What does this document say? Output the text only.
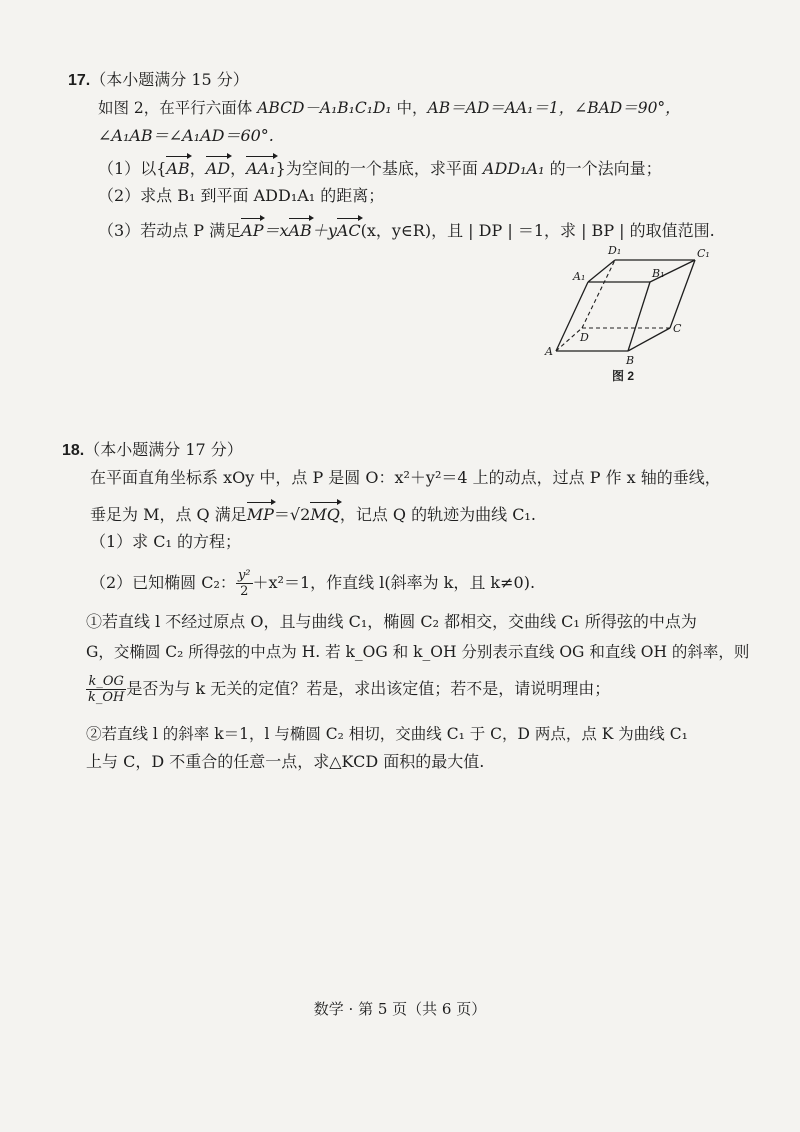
17.（本小题满分 15 分）
如图 2，在平行六面体 ABCD－A₁B₁C₁D₁ 中，AB＝AD＝AA₁＝1，∠BAD＝90°，
∠A₁AB＝∠A₁AD＝60°.
（1）以{AB，AD，AA₁}为空间的一个基底，求平面 ADD₁A₁ 的一个法向量；
（2）求点 B₁ 到平面 ADD₁A₁ 的距离；
（3）若动点 P 满足AP＝xAB＋yAC(x，y∈R)，且 | DP | ＝1，求 | BP | 的取值范围.
A
B
C
D
A₁	B₁
C₁
D₁
图 2
18.（本小题满分 17 分）
在平面直角坐标系 xOy 中，点 P 是圆 O：x²＋y²＝4 上的动点，过点 P 作 x 轴的垂线，
垂足为 M，点 Q 满足MP＝√2MQ，记点 Q 的轨迹为曲线 C₁.
（1）求 C₁ 的方程；
（2）已知椭圆 C₂： $\frac{\text{y²}}{2} +x^2=1$，作直线 l(斜率为 k，且 k≠0).
①若直线 l 不经过原点 O，且与曲线 C₁，椭圆 C₂ 都相交，交曲线 C₁ 所得弦的中点为
G，交椭圆 C₂ 所得弦的中点为 H. 若 k_OG 和 k_OH 分别表示直线 OG 和直线 OH 的斜率，则
$\frac{k\_OG}{k\_OH}$ 是否为与 k 无关的定值？若是，求出该定值；若不是，请说明理由；
②若直线 l 的斜率 k＝1，l 与椭圆 C₂ 相切，交曲线 C₁ 于 C，D 两点，点 K 为曲线 C₁
上与 C，D 不重合的任意一点，求△KCD 面积的最大值.
数学 · 第 5 页（共 6 页）
